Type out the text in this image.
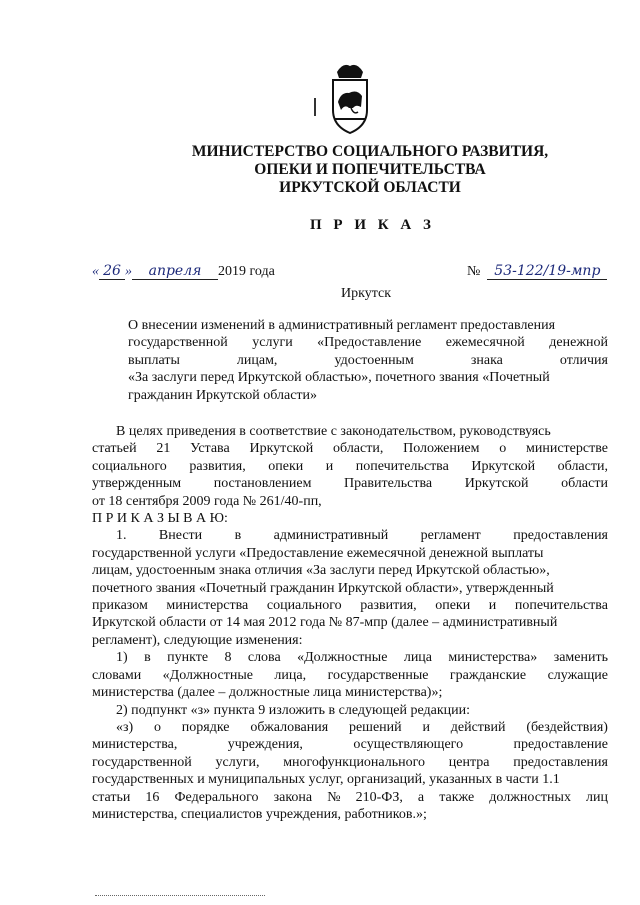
МИНИСТЕРСТВО СОЦИАЛЬНОГО РАЗВИТИЯ,
ОПЕКИ И ПОПЕЧИТЕЛЬСТВА
ИРКУТСКОЙ ОБЛАСТИ
П Р И К А З
« 26 » апреля 2019 года	№ 53-122/19-мпр
Иркутск
О внесении изменений в административный регламент предоставления
государственной услуги «Предоставление ежемесячной денежной
выплаты	лицам,	удостоенным	знака	отличия
«За заслуги перед Иркутской областью», почетного звания «Почетный
гражданин Иркутской области»
В целях приведения в соответствие с законодательством, руководствуясь
статьей 21 Устава Иркутской области, Положением о министерстве
социального развития, опеки и попечительства Иркутской области,
утвержденным постановлением Правительства Иркутской области
от 18 сентября 2009 года № 261/40-пп,
П Р И К А З Ы В А Ю:
1. Внести в административный регламент предоставления
государственной услуги «Предоставление ежемесячной денежной выплаты
лицам, удостоенным знака отличия «За заслуги перед Иркутской областью»,
почетного звания «Почетный гражданин Иркутской области», утвержденный
приказом министерства социального развития, опеки и попечительства
Иркутской области от 14 мая 2012 года № 87-мпр (далее – административный
регламент), следующие изменения:
1) в пункте 8 слова «Должностные лица министерства» заменить
словами «Должностные лица, государственные гражданские служащие
министерства (далее – должностные лица министерства)»;
2) подпункт «з» пункта 9 изложить в следующей редакции:
«з) о порядке обжалования решений и действий (бездействия)
министерства,	учреждения,	осуществляющего	предоставление
государственной услуги, многофункционального центра предоставления
государственных и муниципальных услуг, организаций, указанных в части 1.1
статьи 16 Федерального закона № 210-ФЗ, а также должностных лиц
министерства, специалистов учреждения, работников.»;
